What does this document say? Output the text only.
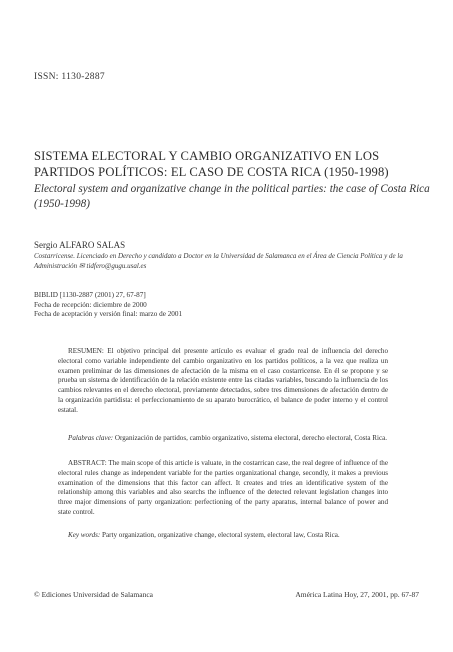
ISSN: 1130-2887
SISTEMA ELECTORAL Y CAMBIO ORGANIZATIVO EN LOS PARTIDOS POLÍTICOS: EL CASO DE COSTA RICA (1950-1998)
Electoral system and organizative change in the political parties: the case of Costa Rica (1950-1998)
Sergio ALFARO SALAS
Costarricense. Licenciado en Derecho y candidato a Doctor en la Universidad de Salamanca en el Área de Ciencia Política y de la Administración ✉ tidfero@gugu.usal.es
BIBLID [1130-2887 (2001) 27, 67-87]
Fecha de recepción: diciembre de 2000
Fecha de aceptación y versión final: marzo de 2001
RESUMEN: El objetivo principal del presente artículo es evaluar el grado real de influencia del derecho electoral como variable independiente del cambio organizativo en los partidos políticos, a la vez que realiza un examen preliminar de las dimensiones de afectación de la misma en el caso costarricense. En él se propone y se prueba un sistema de identificación de la relación existente entre las citadas variables, buscando la influencia de los cambios relevantes en el derecho electoral, previamente detectados, sobre tres dimensiones de afectación dentro de la organización partidista: el perfeccionamiento de su aparato burocrático, el balance de poder interno y el control estatal.
Palabras clave: Organización de partidos, cambio organizativo, sistema electoral, derecho electoral, Costa Rica.
ABSTRACT: The main scope of this article is valuate, in the costarrican case, the real degree of influence of the electoral rules change as independent variable for the parties organizational change, secondly, it makes a previous examination of the dimensions that this factor can affect. It creates and tries an identificative system of the relationship among this variables and also searchs the influence of the detected relevant legislation changes into three major dimensions of party organization: perfectioning of the party aparatus, internal balance of power and state control.
Key words: Party organization, organizative change, electoral system, electoral law, Costa Rica.
© Ediciones Universidad de Salamanca	América Latina Hoy, 27, 2001, pp. 67-87
